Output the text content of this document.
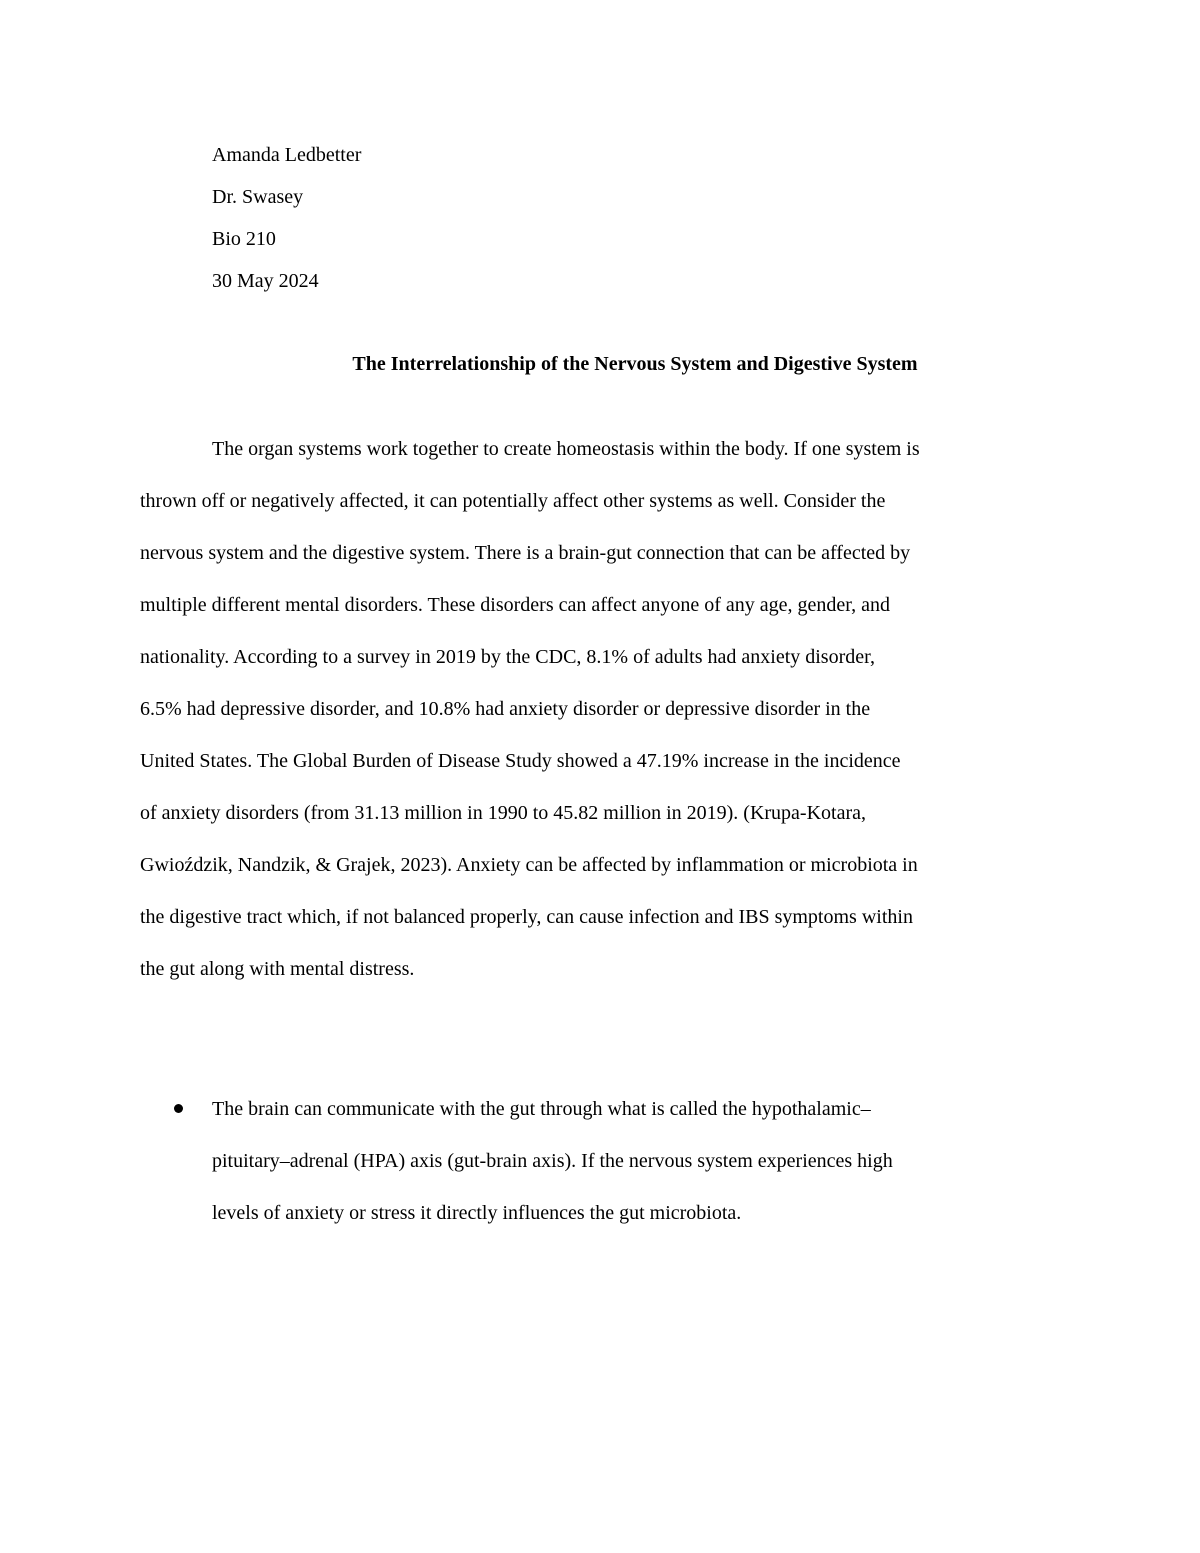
Amanda Ledbetter
Dr. Swasey
Bio 210
30 May 2024
The Interrelationship of the Nervous System and Digestive System
The organ systems work together to create homeostasis within the body. If one system is
thrown off or negatively affected, it can potentially affect other systems as well. Consider the
nervous system and the digestive system. There is a brain-gut connection that can be affected by
multiple different mental disorders. These disorders can affect anyone of any age, gender, and
nationality. According to a survey in 2019 by the CDC, 8.1% of adults had anxiety disorder,
6.5% had depressive disorder, and 10.8% had anxiety disorder or depressive disorder in the
United States. The Global Burden of Disease Study showed a 47.19% increase in the incidence
of anxiety disorders (from 31.13 million in 1990 to 45.82 million in 2019). (Krupa-Kotara,
Gwioździk, Nandzik, & Grajek, 2023). Anxiety can be affected by inflammation or microbiota in
the digestive tract which, if not balanced properly, can cause infection and IBS symptoms within
the gut along with mental distress.
The brain can communicate with the gut through what is called the hypothalamic–
pituitary–adrenal (HPA) axis (gut-brain axis). If the nervous system experiences high
levels of anxiety or stress it directly influences the gut microbiota.
